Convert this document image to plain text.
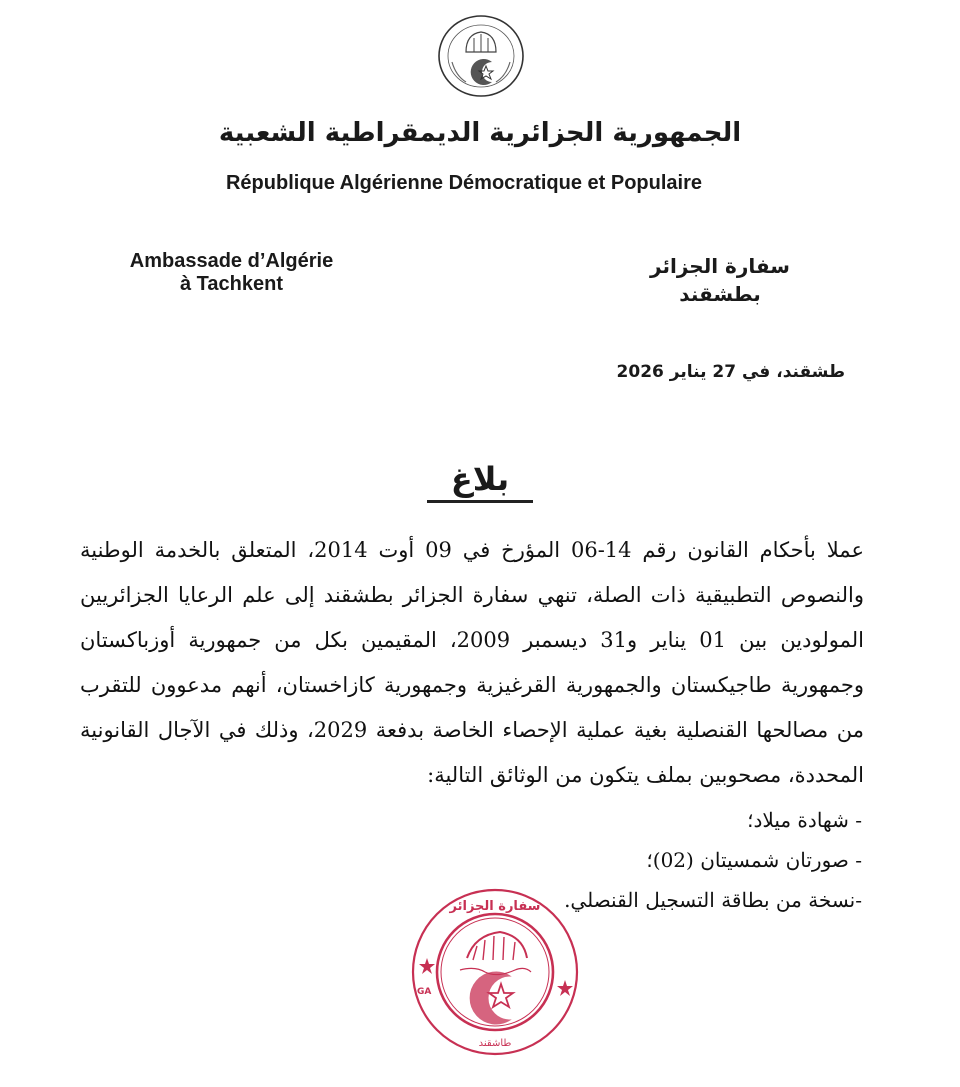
الجمهورية الجزائرية الديمقراطية الشعبية
République Algérienne Démocratique et Populaire
Ambassade d’Algérie
à Tachkent
سفارة الجزائر
بطشقند
طشقند، في 27 يناير 2026
بلاغ

عملا بأحكام القانون رقم 14-06 المؤرخ في 09 أوت 2014، المتعلق بالخدمة الوطنية والنصوص التطبيقية ذات الصلة، تنهي سفارة الجزائر بطشقند إلى علم الرعايا الجزائريين المولودين بين 01 يناير و31 ديسمبر 2009، المقيمين بكل من جمهورية أوزباكستان وجمهورية طاجيكستان والجمهورية القرغيزية وجمهورية كازاخستان، أنهم مدعوون للتقرب من مصالحها القنصلية بغية عملية الإحصاء الخاصة بدفعة 2029، وذلك في الآجال القانونية المحددة، مصحوبين بملف يتكون من الوثائق التالية:

- شهادة ميلاد؛
- صورتان شمسيتان (02)؛
-نسخة من بطاقة التسجيل القنصلي.
سفارة الجزائر
طاشقند
GA
